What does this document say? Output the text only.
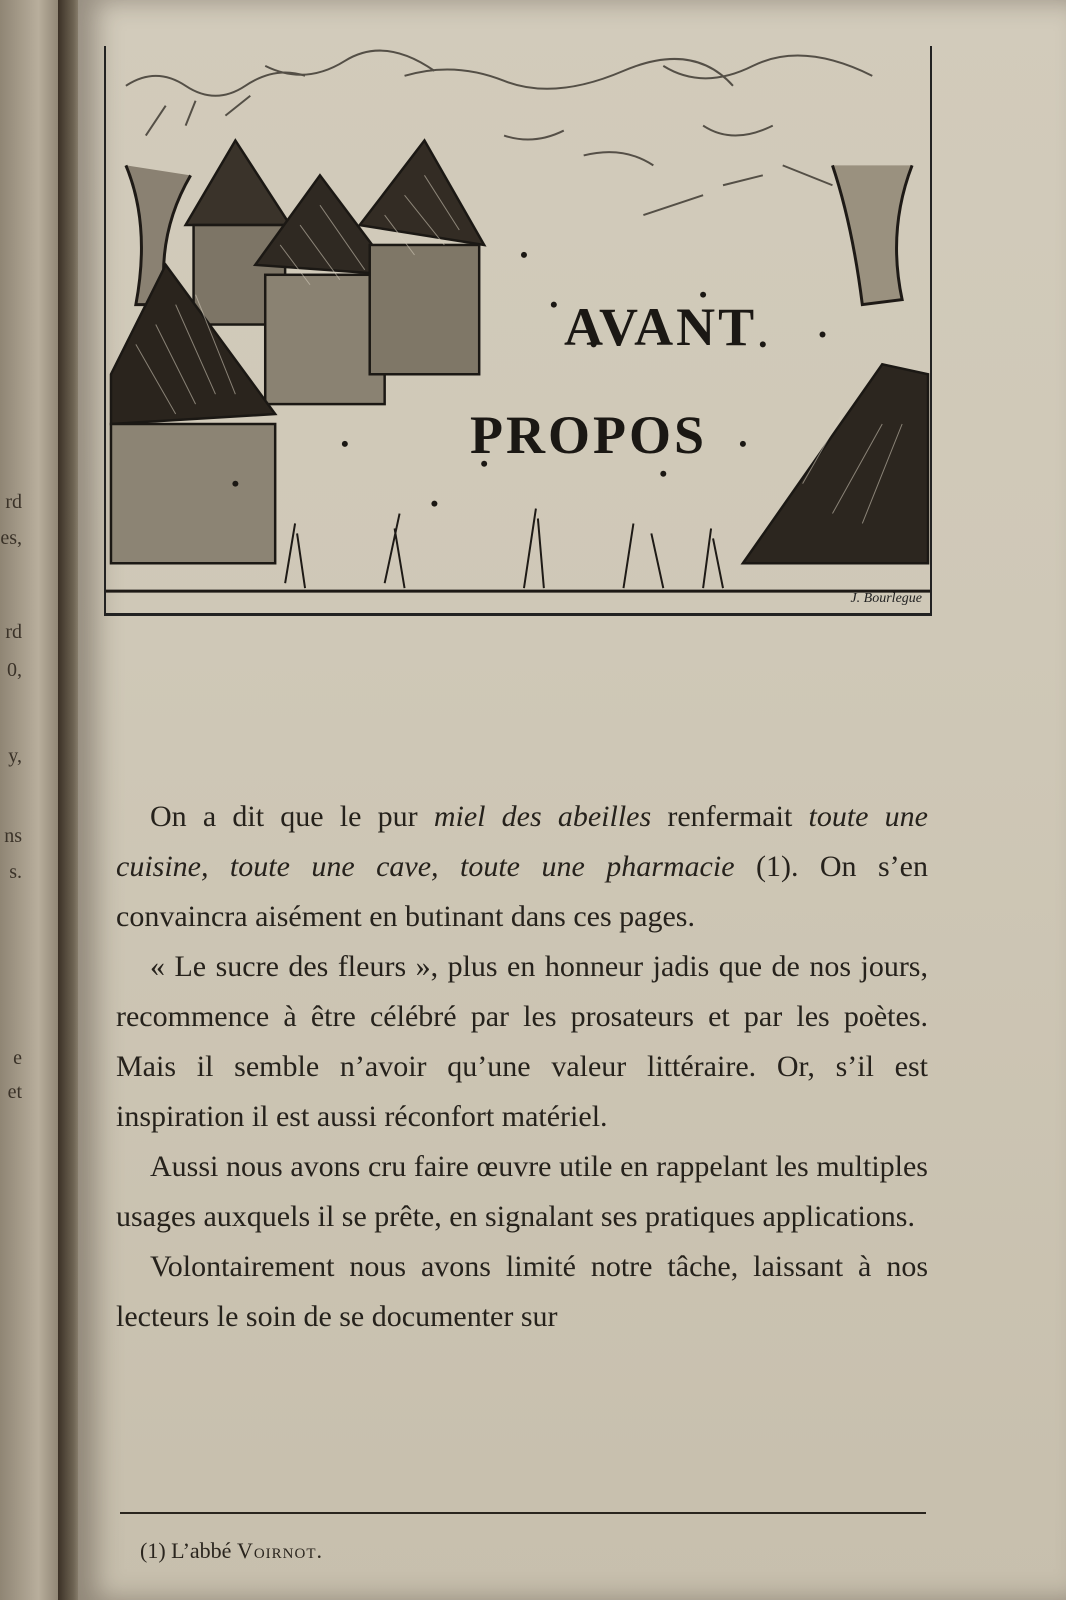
rd
es,
rd
0,
y,
ns
s.
e
et
AVANT
PROPOS
J. Bourlegue

On a dit que le pur miel des abeilles renfermait toute une cuisine, toute une cave, toute une pharmacie (1). On s’en convaincra aisément en butinant dans ces pages.

« Le sucre des fleurs », plus en honneur jadis que de nos jours, recommence à être célébré par les prosateurs et par les poètes. Mais il semble n’avoir qu’une valeur littéraire. Or, s’il est inspiration il est aussi réconfort matériel.

Aussi nous avons cru faire œuvre utile en rappelant les multiples usages auxquels il se prête, en signalant ses pratiques applications.

Volontairement nous avons limité notre tâche, laissant à nos lecteurs le soin de se documenter sur

(1) L’abbé Voirnot.
